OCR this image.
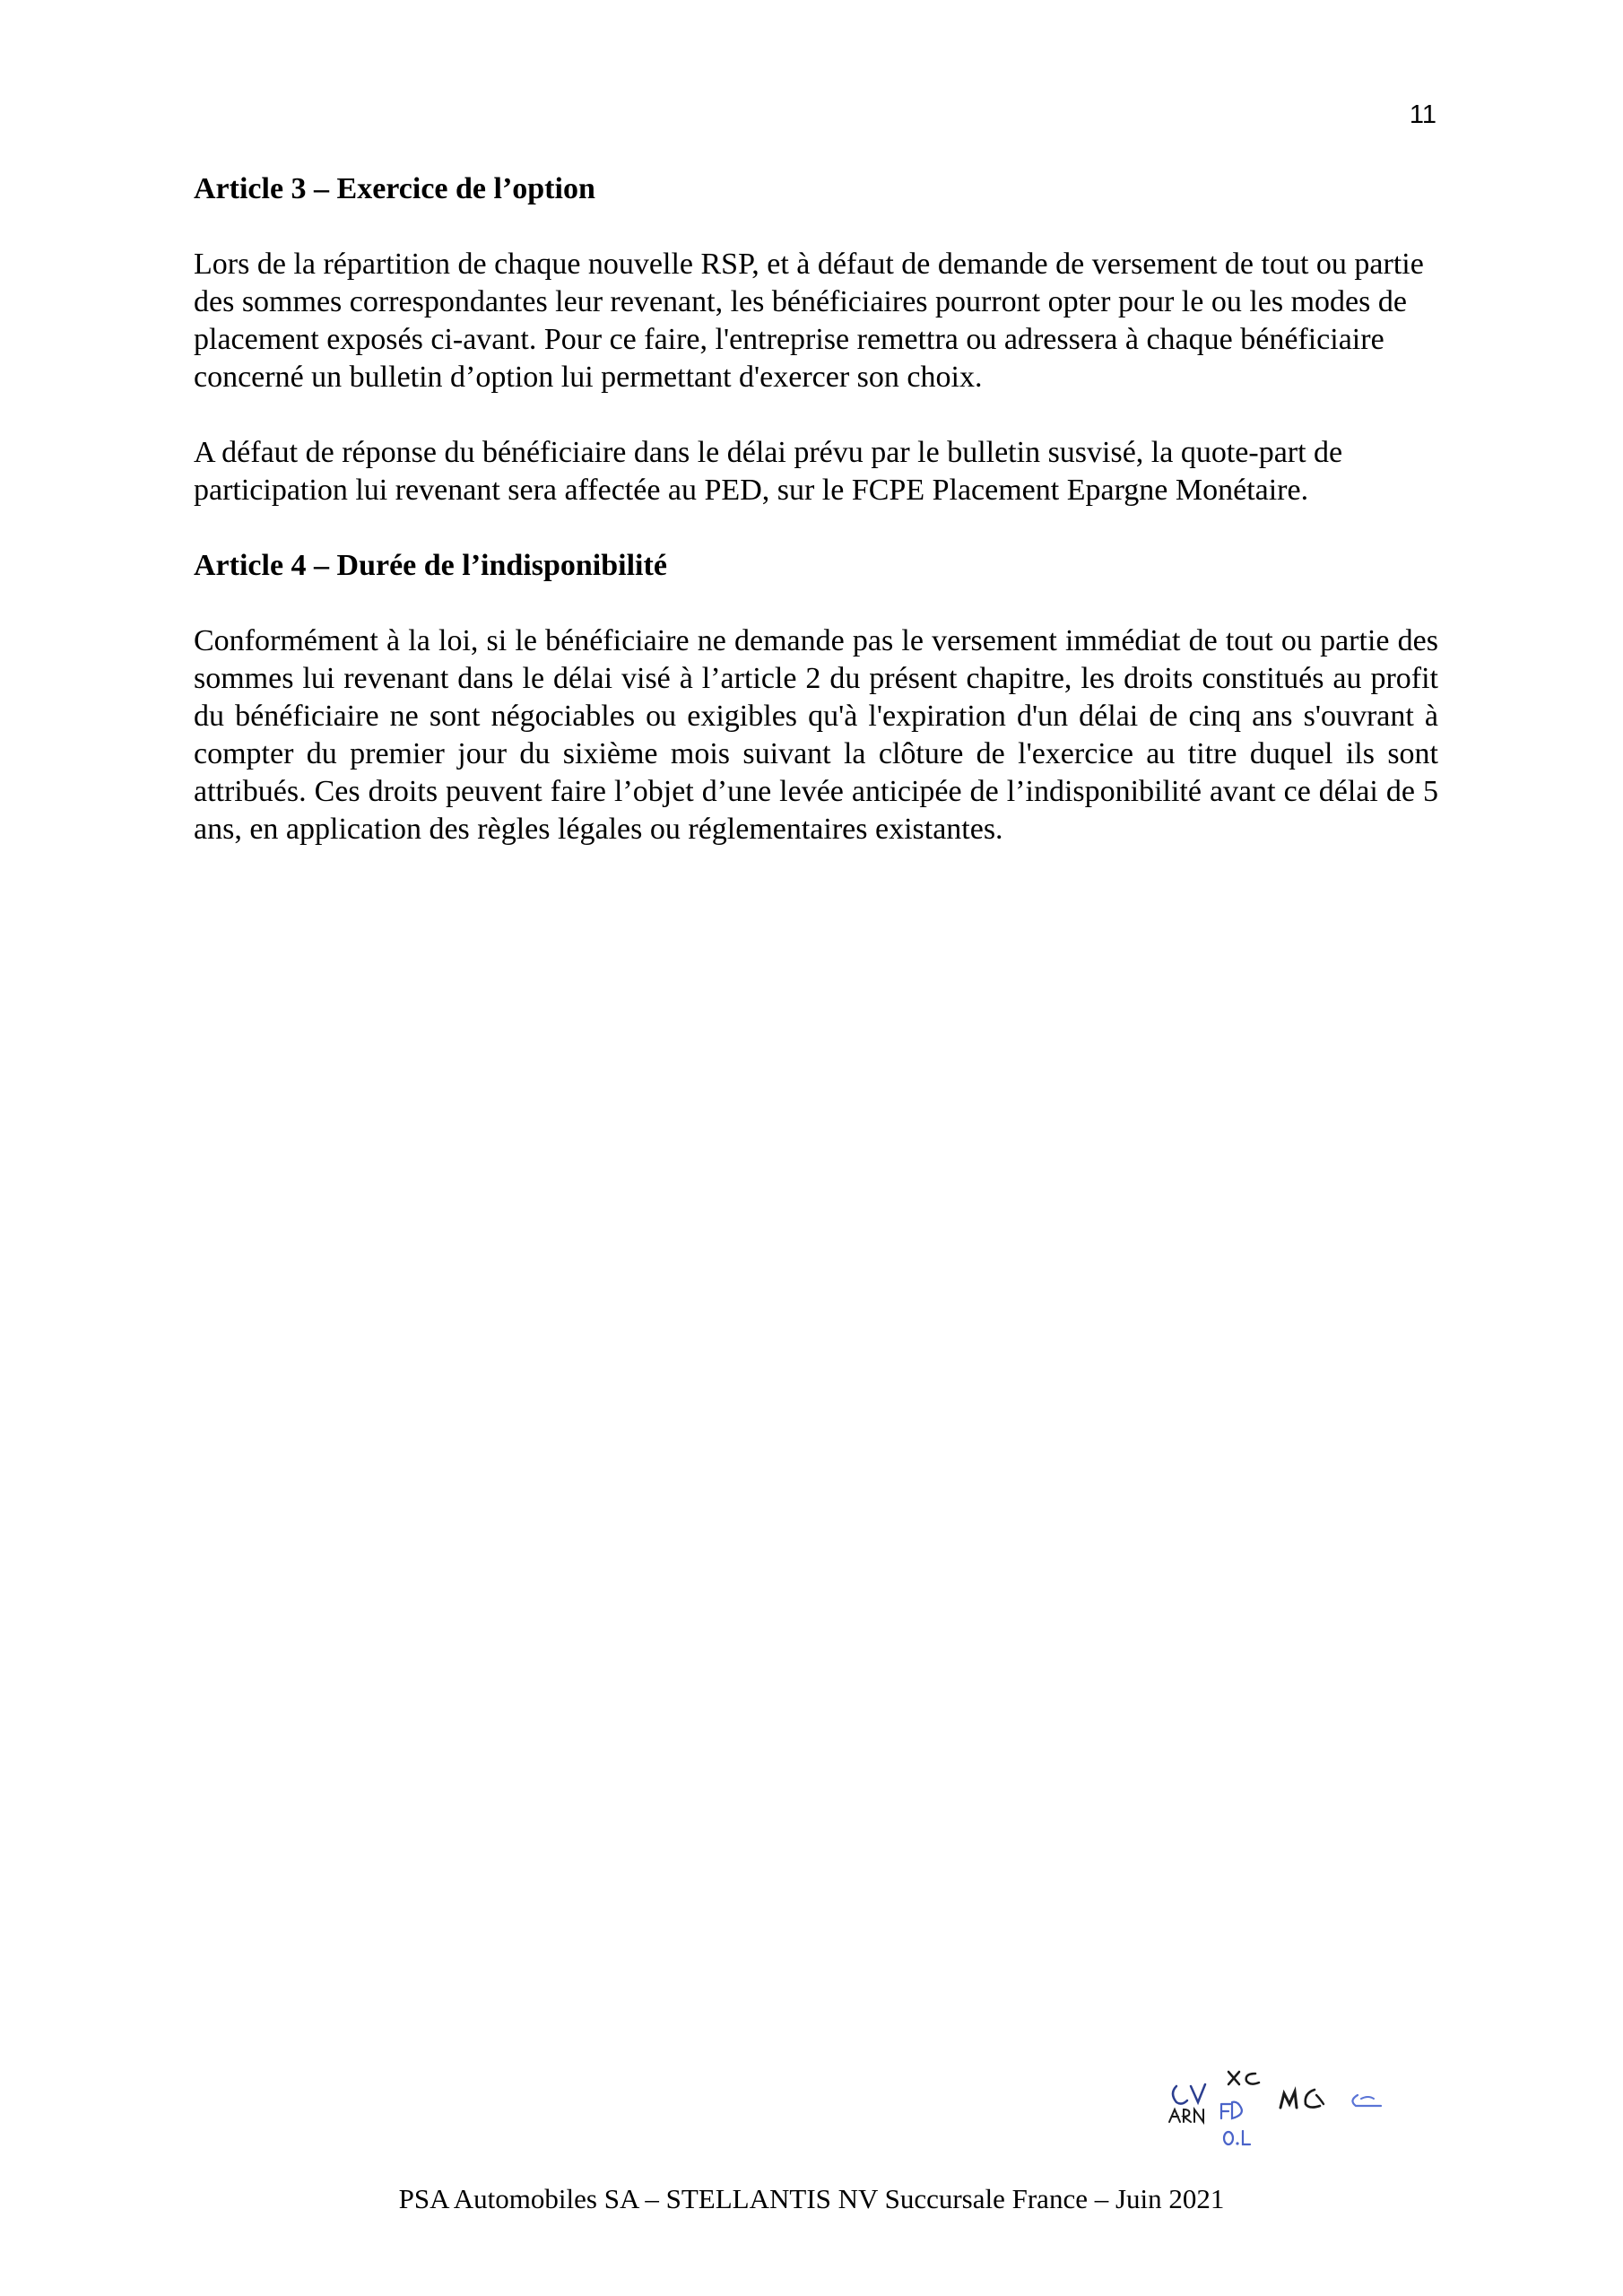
11
Article 3 – Exercice de l’option

Lors de la répartition de chaque nouvelle RSP, et à défaut de demande de versement de tout ou partie des sommes correspondantes leur revenant, les bénéficiaires pourront opter pour le ou les modes de placement exposés ci-avant. Pour ce faire, l'entreprise remettra ou adressera à chaque bénéficiaire concerné un bulletin d’option lui permettant d'exercer son choix.

A défaut de réponse du bénéficiaire dans le délai prévu par le bulletin susvisé, la quote-part de participation lui revenant sera affectée au PED, sur le FCPE Placement Epargne Monétaire.

Article 4 – Durée de l’indisponibilité

Conformément à la loi, si le bénéficiaire ne demande pas le versement immédiat de tout ou partie des sommes lui revenant dans le délai visé à l’article 2 du présent chapitre, les droits constitués au profit du bénéficiaire ne sont négociables ou exigibles qu'à l'expiration d'un délai de cinq ans s'ouvrant à compter du premier jour du sixième mois suivant la clôture de l'exercice au titre duquel ils sont attribués. Ces droits peuvent faire l’objet d’une levée anticipée de l’indisponibilité avant ce délai de 5 ans, en application des règles légales ou réglementaires existantes.

PSA Automobiles SA – STELLANTIS NV Succursale France – Juin 2021
